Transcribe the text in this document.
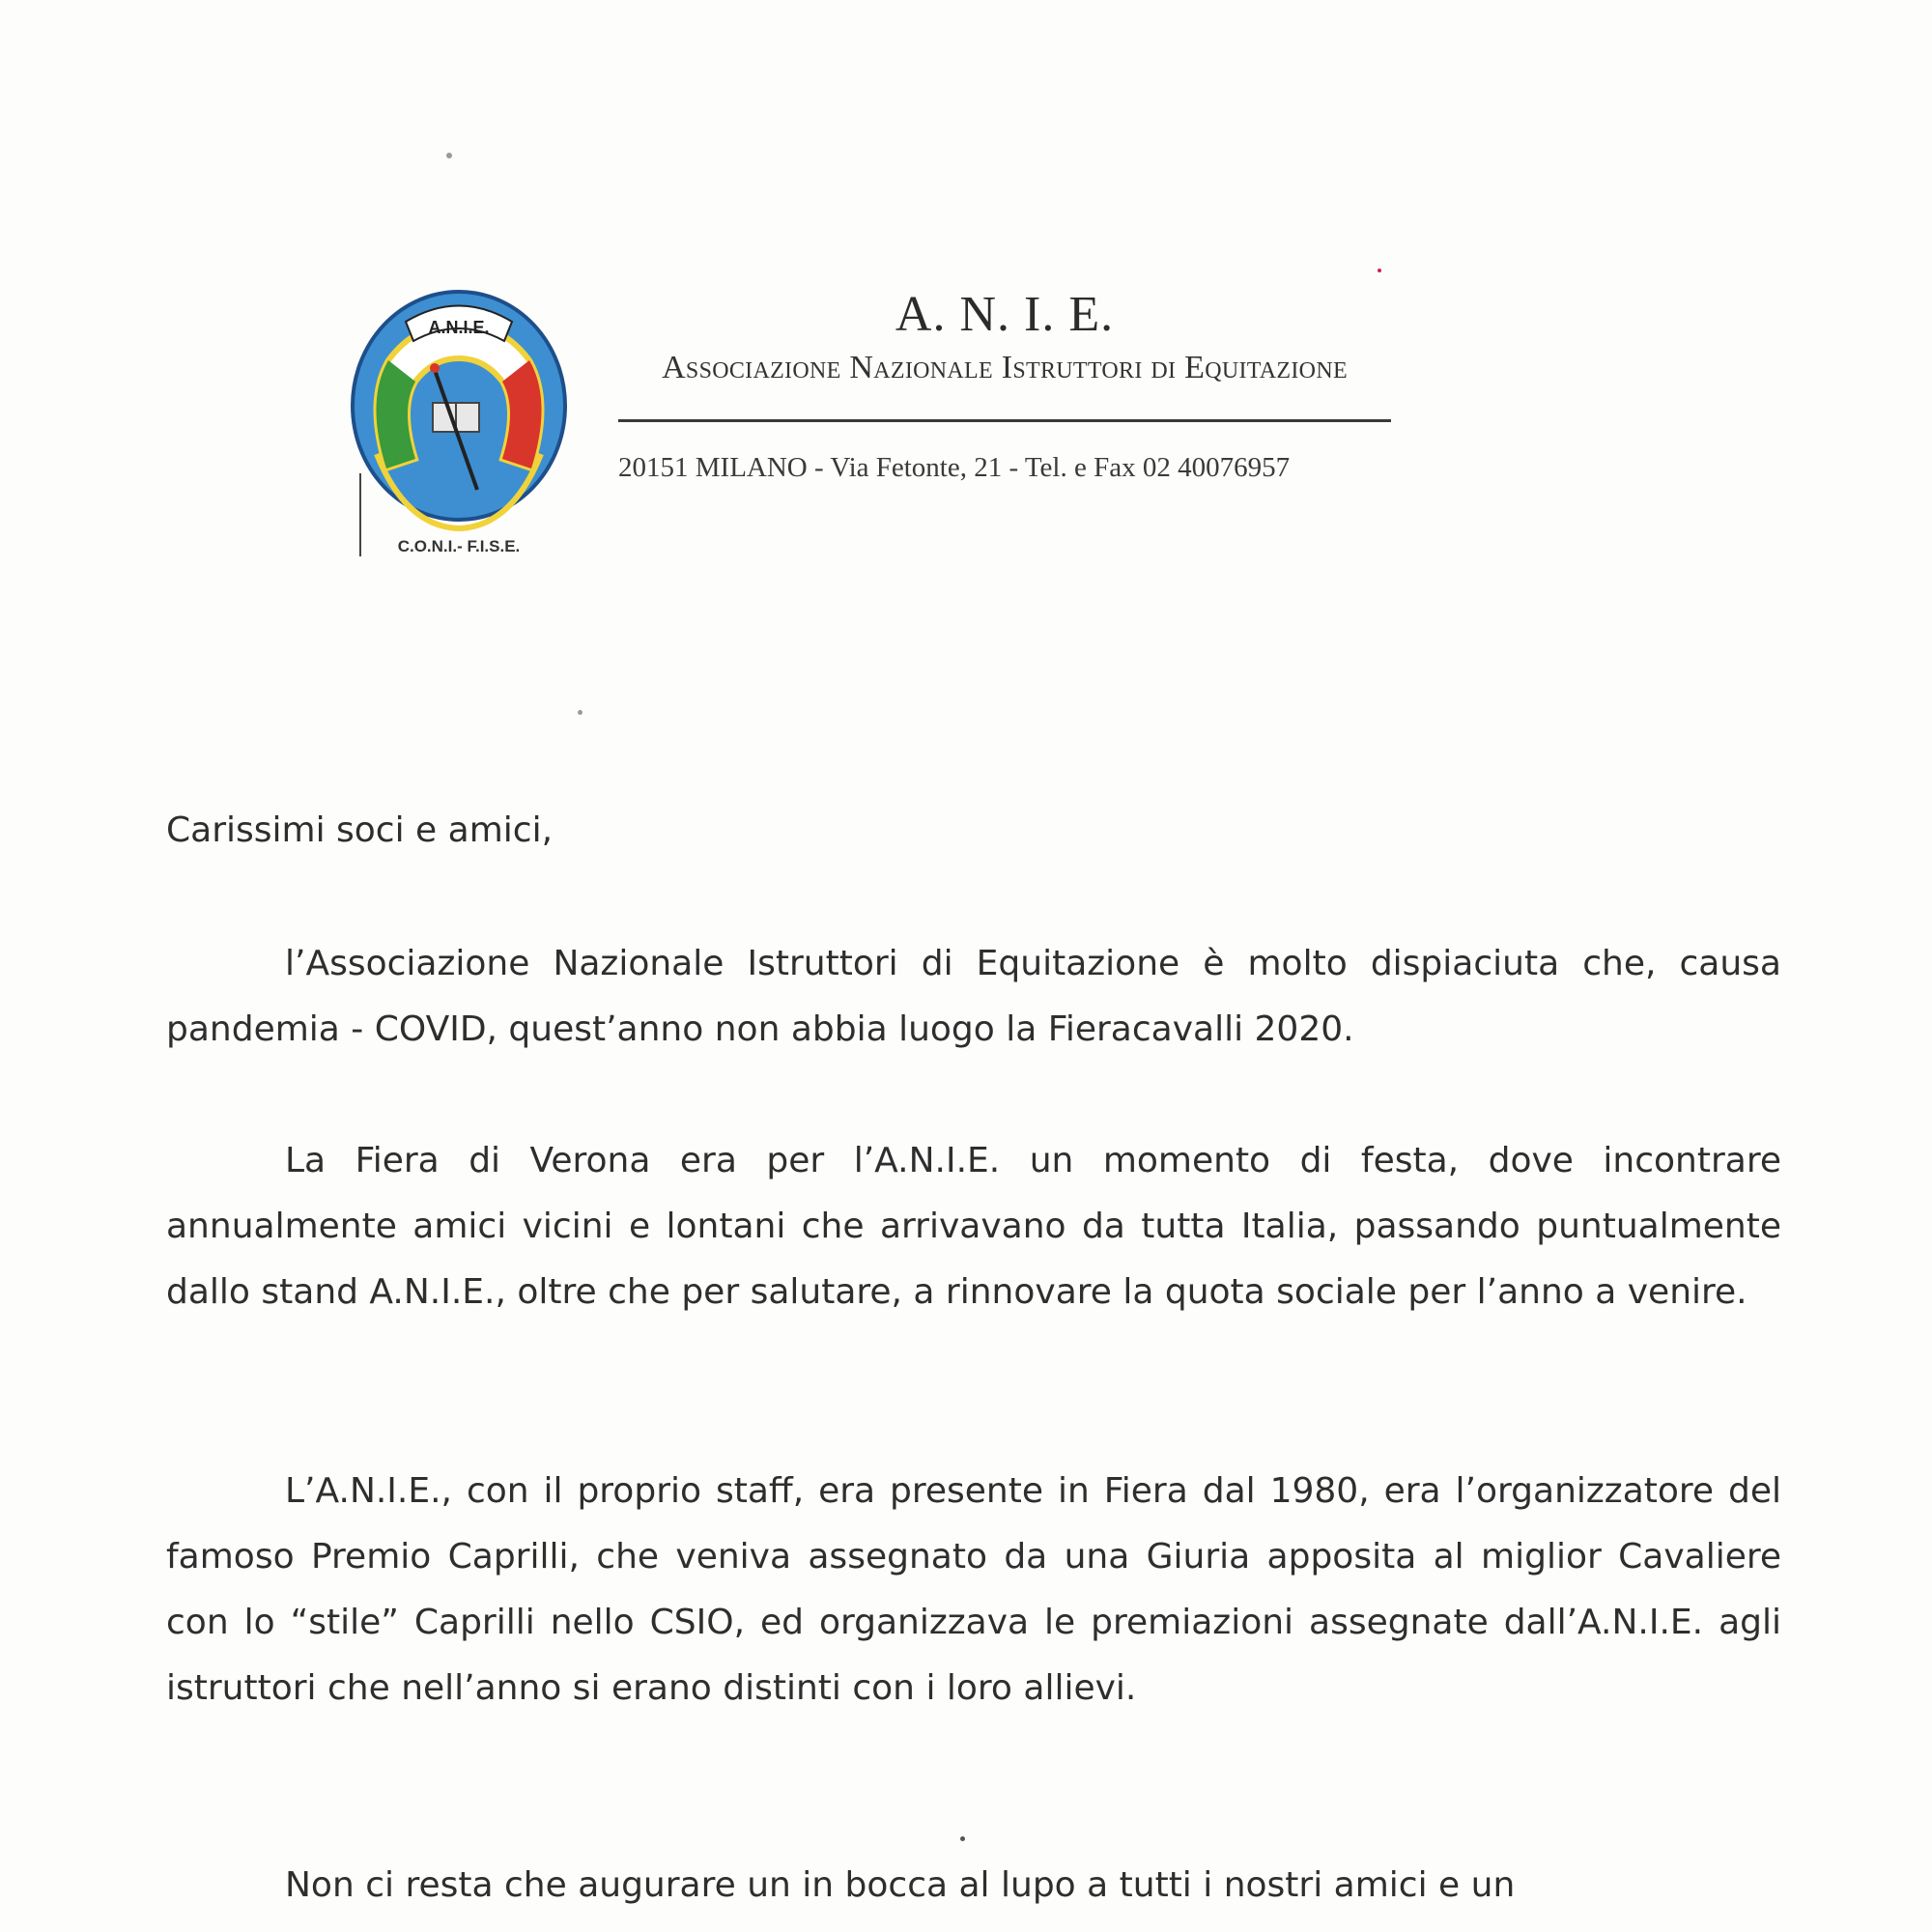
A.N.I.E.
C.O.N.I.- F.I.S.E.
A. N. I. E.
Associazione Nazionale Istruttori di Equitazione
20151 MILANO - Via Fetonte, 21 - Tel. e Fax 02 40076957
Carissimi soci e amici,
l’Associazione Nazionale Istruttori di Equitazione è molto dispiaciuta che, causa pandemia - COVID, quest’anno non abbia luogo la Fieracavalli 2020.
La Fiera di Verona era per l’A.N.I.E. un momento di festa, dove incontrare annualmente amici vicini e lontani che arrivavano da tutta Italia, passando puntualmente dallo stand A.N.I.E., oltre che per salutare, a rinnovare la quota sociale per l’anno a venire.
L’A.N.I.E., con il proprio staff, era presente in Fiera dal 1980, era l’organizzatore del famoso Premio Caprilli, che veniva assegnato da una Giuria apposita al miglior Cavaliere con lo “stile” Caprilli nello CSIO, ed organizzava le premiazioni assegnate dall’A.N.I.E. agli istruttori che nell’anno si erano distinti con i loro allievi.
Non ci resta che augurare un in bocca al lupo a tutti i nostri amici e un
